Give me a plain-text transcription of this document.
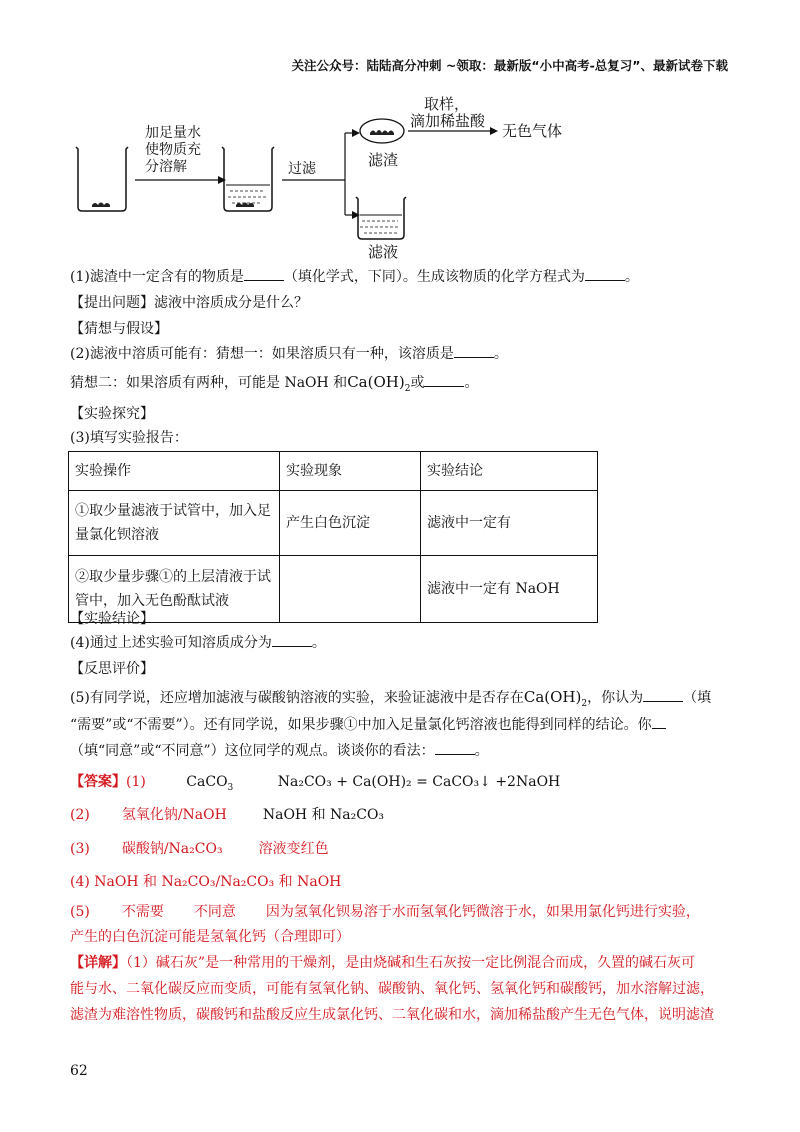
关注公众号：陆陆高分冲刺 ~领取：最新版“小中高考-总复习”、最新试卷下载
加足量水
使物质充
分溶解	过滤	滤渣
取样，
滴加稀盐酸
无色气体
滤液
(1)滤渣中一定含有的物质是	（填化学式，下同）。生成该物质的化学方程式为	。
【提出问题】滤液中溶质成分是什么？
【猜想与假设】
(2)滤液中溶质可能有：猜想一：如果溶质只有一种，该溶质是	。
猜想二：如果溶质有两种，可能是 NaOH 和$Ca(OH)_2$或	。
【实验探究】
(3)填写实验报告：
实验操作	实验现象	实验结论
①取少量滤液于试管中，加入足量氯化钡溶液	产生白色沉淀	滤液中一定有
②取少量步骤①的上层清液于试管中，加入无色酚酞试液		滤液中一定有 NaOH
【实验结论】
(4)通过上述实验可知溶质成分为	。
【反思评价】
(5)有同学说，还应增加滤液与碳酸钠溶液的实验，来验证滤液中是否存在$Ca(OH)_2$，你认为	（填
“需要”或“不需要”）。还有同学说，如果步骤①中加入足量氯化钙溶液也能得到同样的结论。你
（填“同意”或“不同意”）这位同学的观点。谈谈你的看法：	。
【答案】(1)	CaCO$_3$	Na₂CO₃ + Ca(OH)₂ = CaCO₃↓ +2NaOH
(2) 氢氧化钠/NaOH	NaOH 和 Na₂CO₃
(3) 碳酸钠/Na₂CO₃	溶液变红色
(4) NaOH 和 Na₂CO₃/Na₂CO₃ 和 NaOH
(5) 不需要 不同意 因为氢氧化钡易溶于水而氢氧化钙微溶于水，如果用氯化钙进行实验，
产生的白色沉淀可能是氢氧化钙（合理即可）
【详解】（1）碱石灰”是一种常用的干燥剂，是由烧碱和生石灰按一定比例混合而成，久置的碱石灰可
能与水、二氧化碳反应而变质，可能有氢氧化钠、碳酸钠、氧化钙、氢氧化钙和碳酸钙，加水溶解过滤，
滤渣为难溶性物质，碳酸钙和盐酸反应生成氯化钙、二氧化碳和水，滴加稀盐酸产生无色气体，说明滤渣
62
